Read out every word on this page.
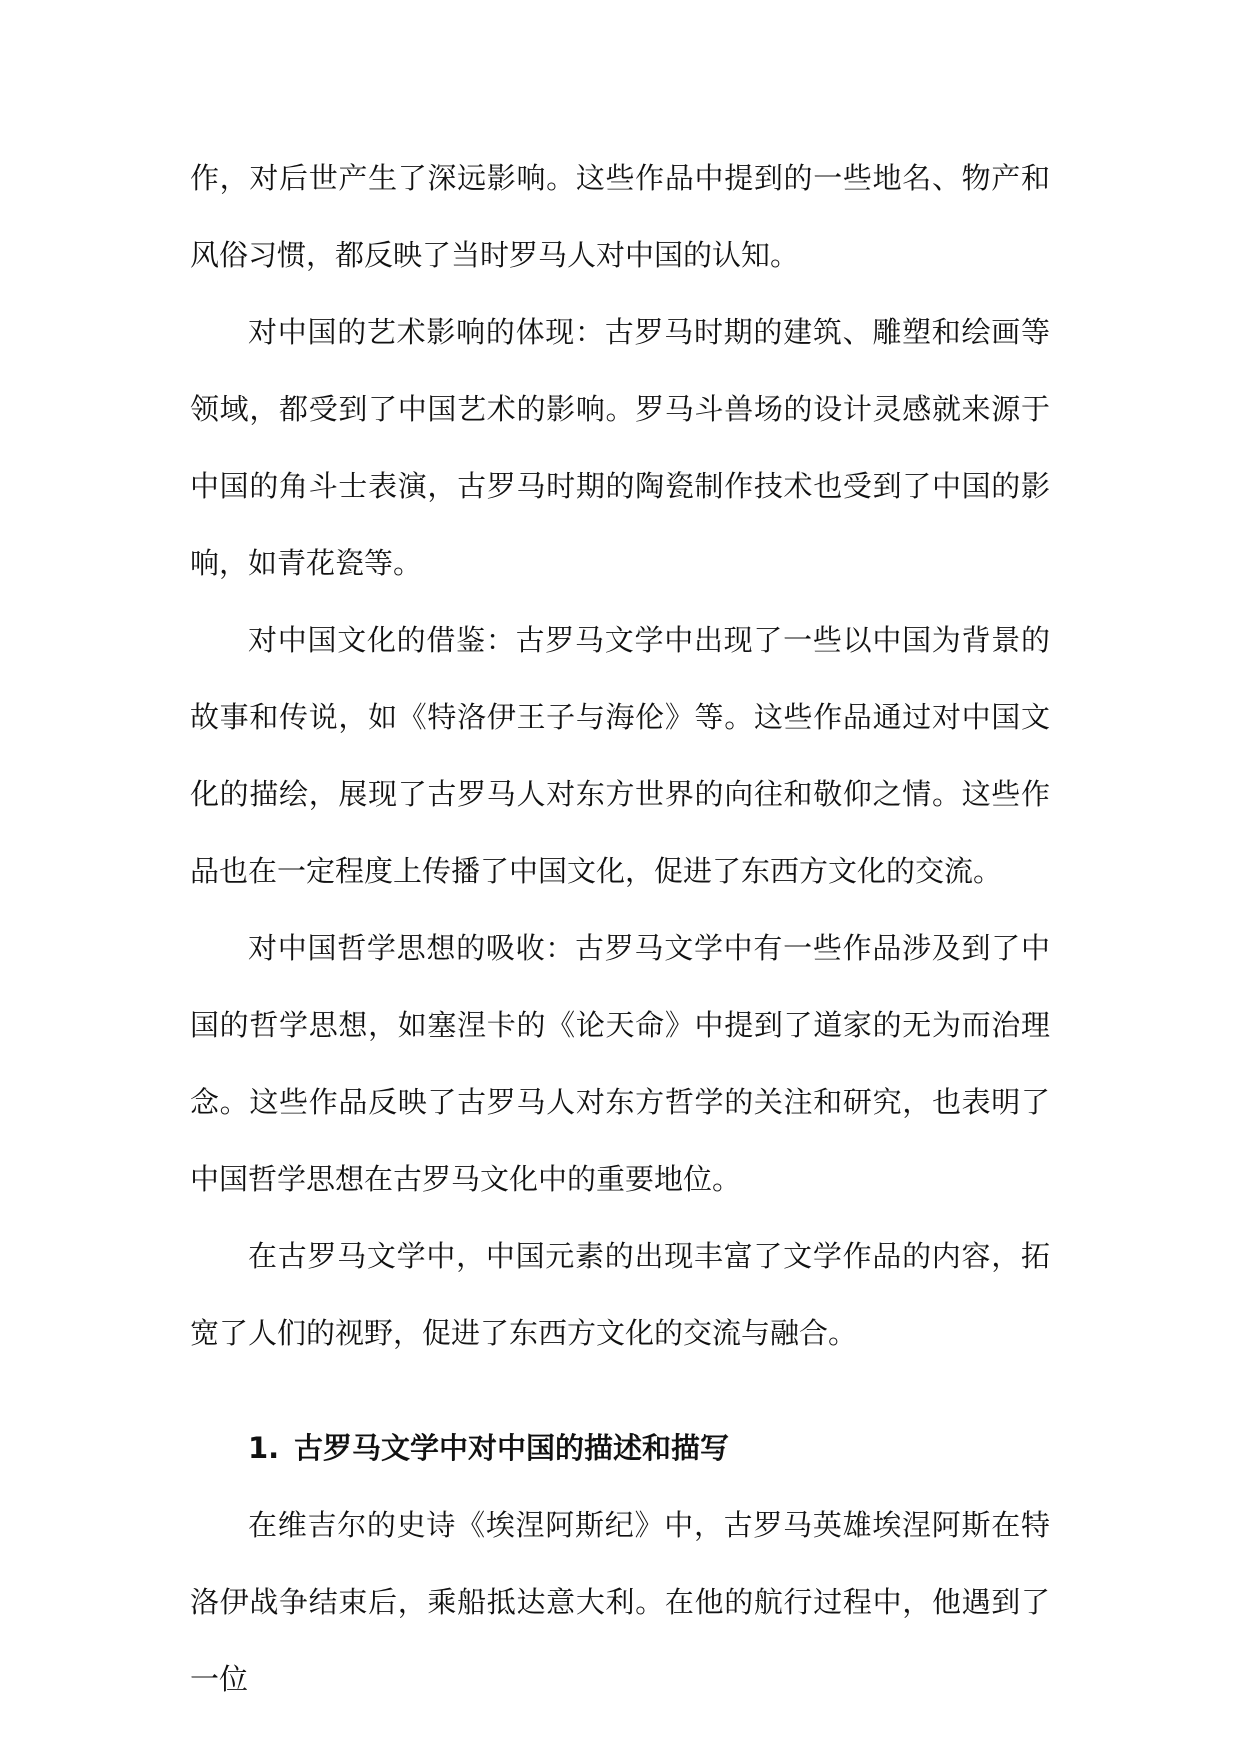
作，对后世产生了深远影响。这些作品中提到的一些地名、物产和风俗习惯，都反映了当时罗马人对中国的认知。

对中国的艺术影响的体现：古罗马时期的建筑、雕塑和绘画等领域，都受到了中国艺术的影响。罗马斗兽场的设计灵感就来源于中国的角斗士表演，古罗马时期的陶瓷制作技术也受到了中国的影响，如青花瓷等。

对中国文化的借鉴：古罗马文学中出现了一些以中国为背景的故事和传说，如《特洛伊王子与海伦》等。这些作品通过对中国文化的描绘，展现了古罗马人对东方世界的向往和敬仰之情。这些作品也在一定程度上传播了中国文化，促进了东西方文化的交流。

对中国哲学思想的吸收：古罗马文学中有一些作品涉及到了中国的哲学思想，如塞涅卡的《论天命》中提到了道家的无为而治理念。这些作品反映了古罗马人对东方哲学的关注和研究，也表明了中国哲学思想在古罗马文化中的重要地位。

在古罗马文学中，中国元素的出现丰富了文学作品的内容，拓宽了人们的视野，促进了东西方文化的交流与融合。

1. 古罗马文学中对中国的描述和描写

在维吉尔的史诗《埃涅阿斯纪》中，古罗马英雄埃涅阿斯在特洛伊战争结束后，乘船抵达意大利。在他的航行过程中，他遇到了一位
